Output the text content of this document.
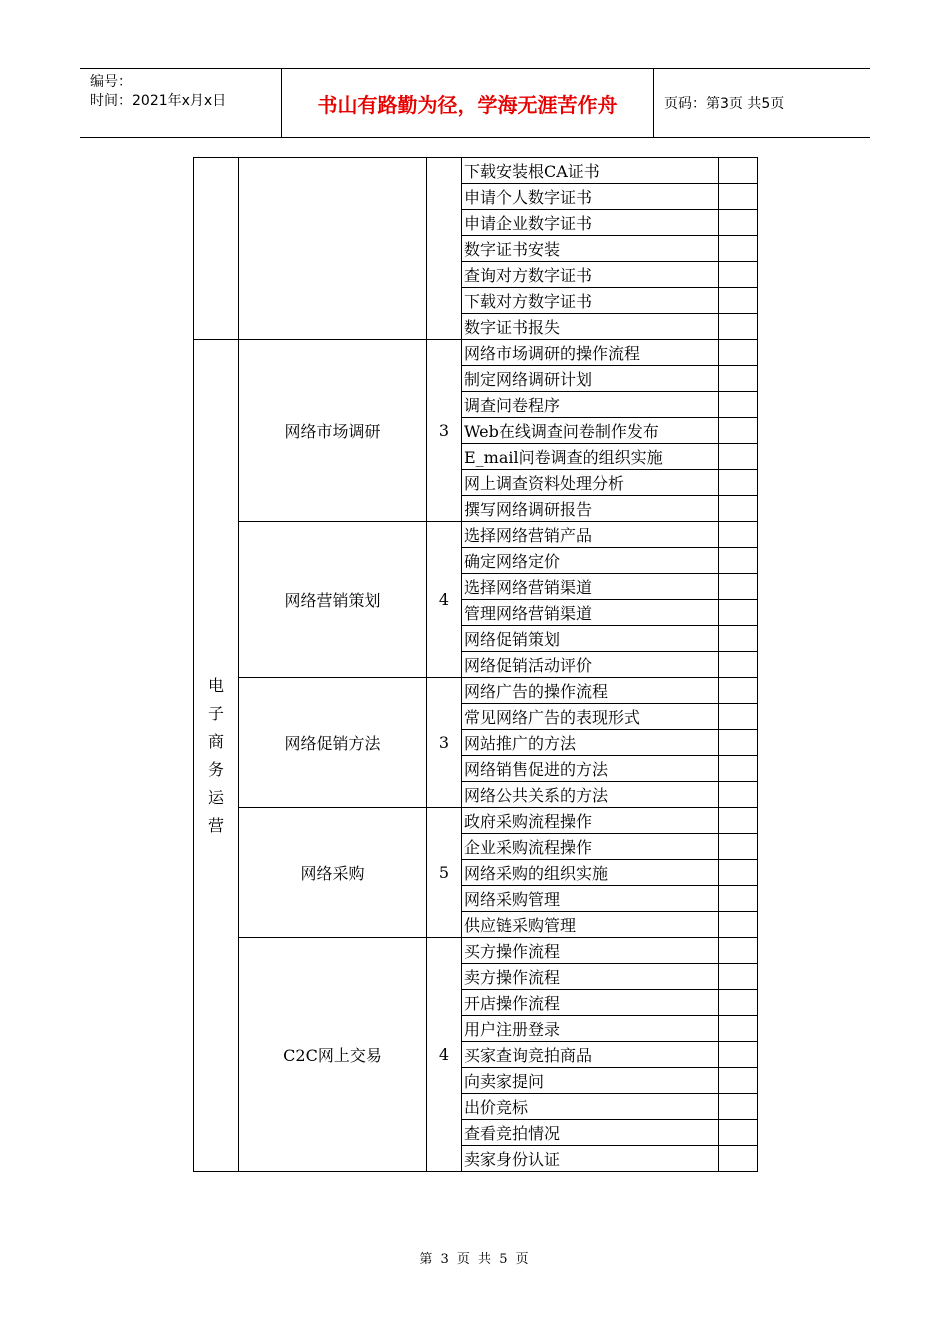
编号：
时间：2021年x月x日	书山有路勤为径，学海无涯苦作舟	页码：第3页 共5页
			下载安装根CA证书	
			申请个人数字证书	
			申请企业数字证书	
			数字证书安装	
			查询对方数字证书	
			下载对方数字证书	
			数字证书报失	
电子商务运营	网络市场调研	3	网络市场调研的操作流程	
			制定网络调研计划	
			调查问卷程序	
			Web在线调查问卷制作发布	
			E_mail问卷调查的组织实施	
			网上调查资料处理分析	
			撰写网络调研报告	
	网络营销策划	4	选择网络营销产品	
			确定网络定价	
			选择网络营销渠道	
			管理网络营销渠道	
			网络促销策划	
			网络促销活动评价	
	网络促销方法	3	网络广告的操作流程	
			常见网络广告的表现形式	
			网站推广的方法	
			网络销售促进的方法	
			网络公共关系的方法	
	网络采购	5	政府采购流程操作	
			企业采购流程操作	
			网络采购的组织实施	
			网络采购管理	
			供应链采购管理	
	C2C网上交易	4	买方操作流程	
			卖方操作流程	
			开店操作流程	
			用户注册登录	
			买家查询竞拍商品	
			向卖家提问	
			出价竞标	
			查看竞拍情况	
			卖家身份认证	
第 3 页 共 5 页
